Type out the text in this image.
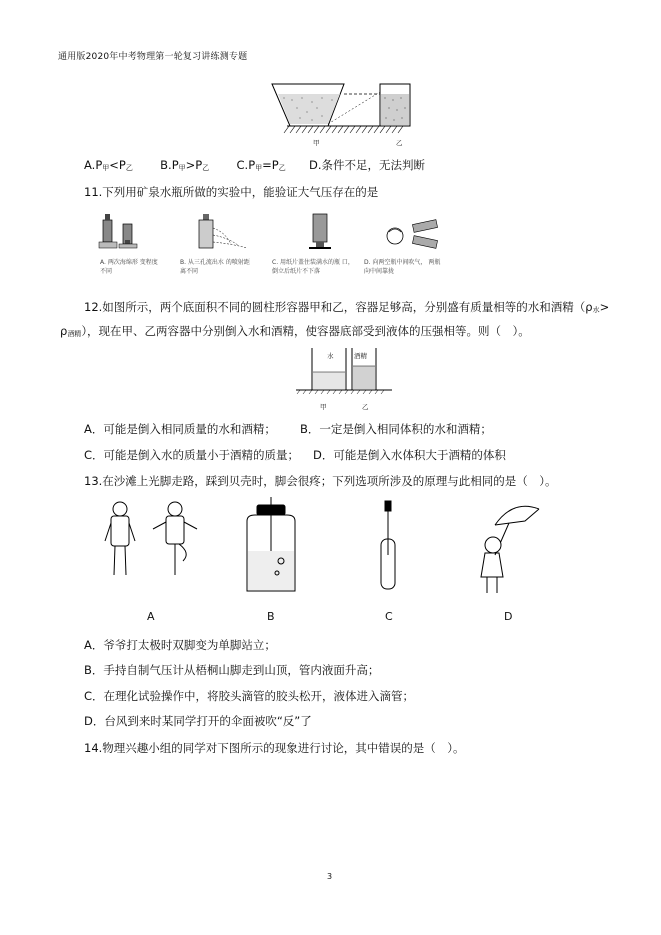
通用版2020年中考物理第一轮复习讲练测专题
甲	乙
A.P甲<P乙 B.P甲>P乙 C.P甲=P乙 D.条件不足，无法判断
11.下列用矿泉水瓶所做的实验中，能验证大气压存在的是
A. 两次海绵形 变程度不同
B. 从三孔流出水 的喷射距离不同
C. 用纸片盖住装满水的瓶 口，倒立后纸片不下落
D. 向两空瓶中间吹气， 两瓶向中间靠拢
12.如图所示，两个底面积不同的圆柱形容器甲和乙，容器足够高，分别盛有质量相等的水和酒精（ρ水>
ρ酒精），现在甲、乙两容器中分别倒入水和酒精，使容器底部受到液体的压强相等。则（　）。
水	酒精
甲	乙
A．可能是倒入相同质量的水和酒精； B．一定是倒入相同体积的水和酒精；
C．可能是倒入水的质量小于酒精的质量； D．可能是倒入水体积大于酒精的体积
13.在沙滩上光脚走路，踩到贝壳时，脚会很疼；下列选项所涉及的原理与此相同的是（　）。
A	B	C	D
A．爷爷打太极时双脚变为单脚站立；
B．手持自制气压计从梧桐山脚走到山顶，管内液面升高；
C．在理化试验操作中，将胶头滴管的胶头松开，液体进入滴管；
D．台风到来时某同学打开的伞面被吹“反”了
14.物理兴趣小组的同学对下图所示的现象进行讨论，其中错误的是（　）。
3
